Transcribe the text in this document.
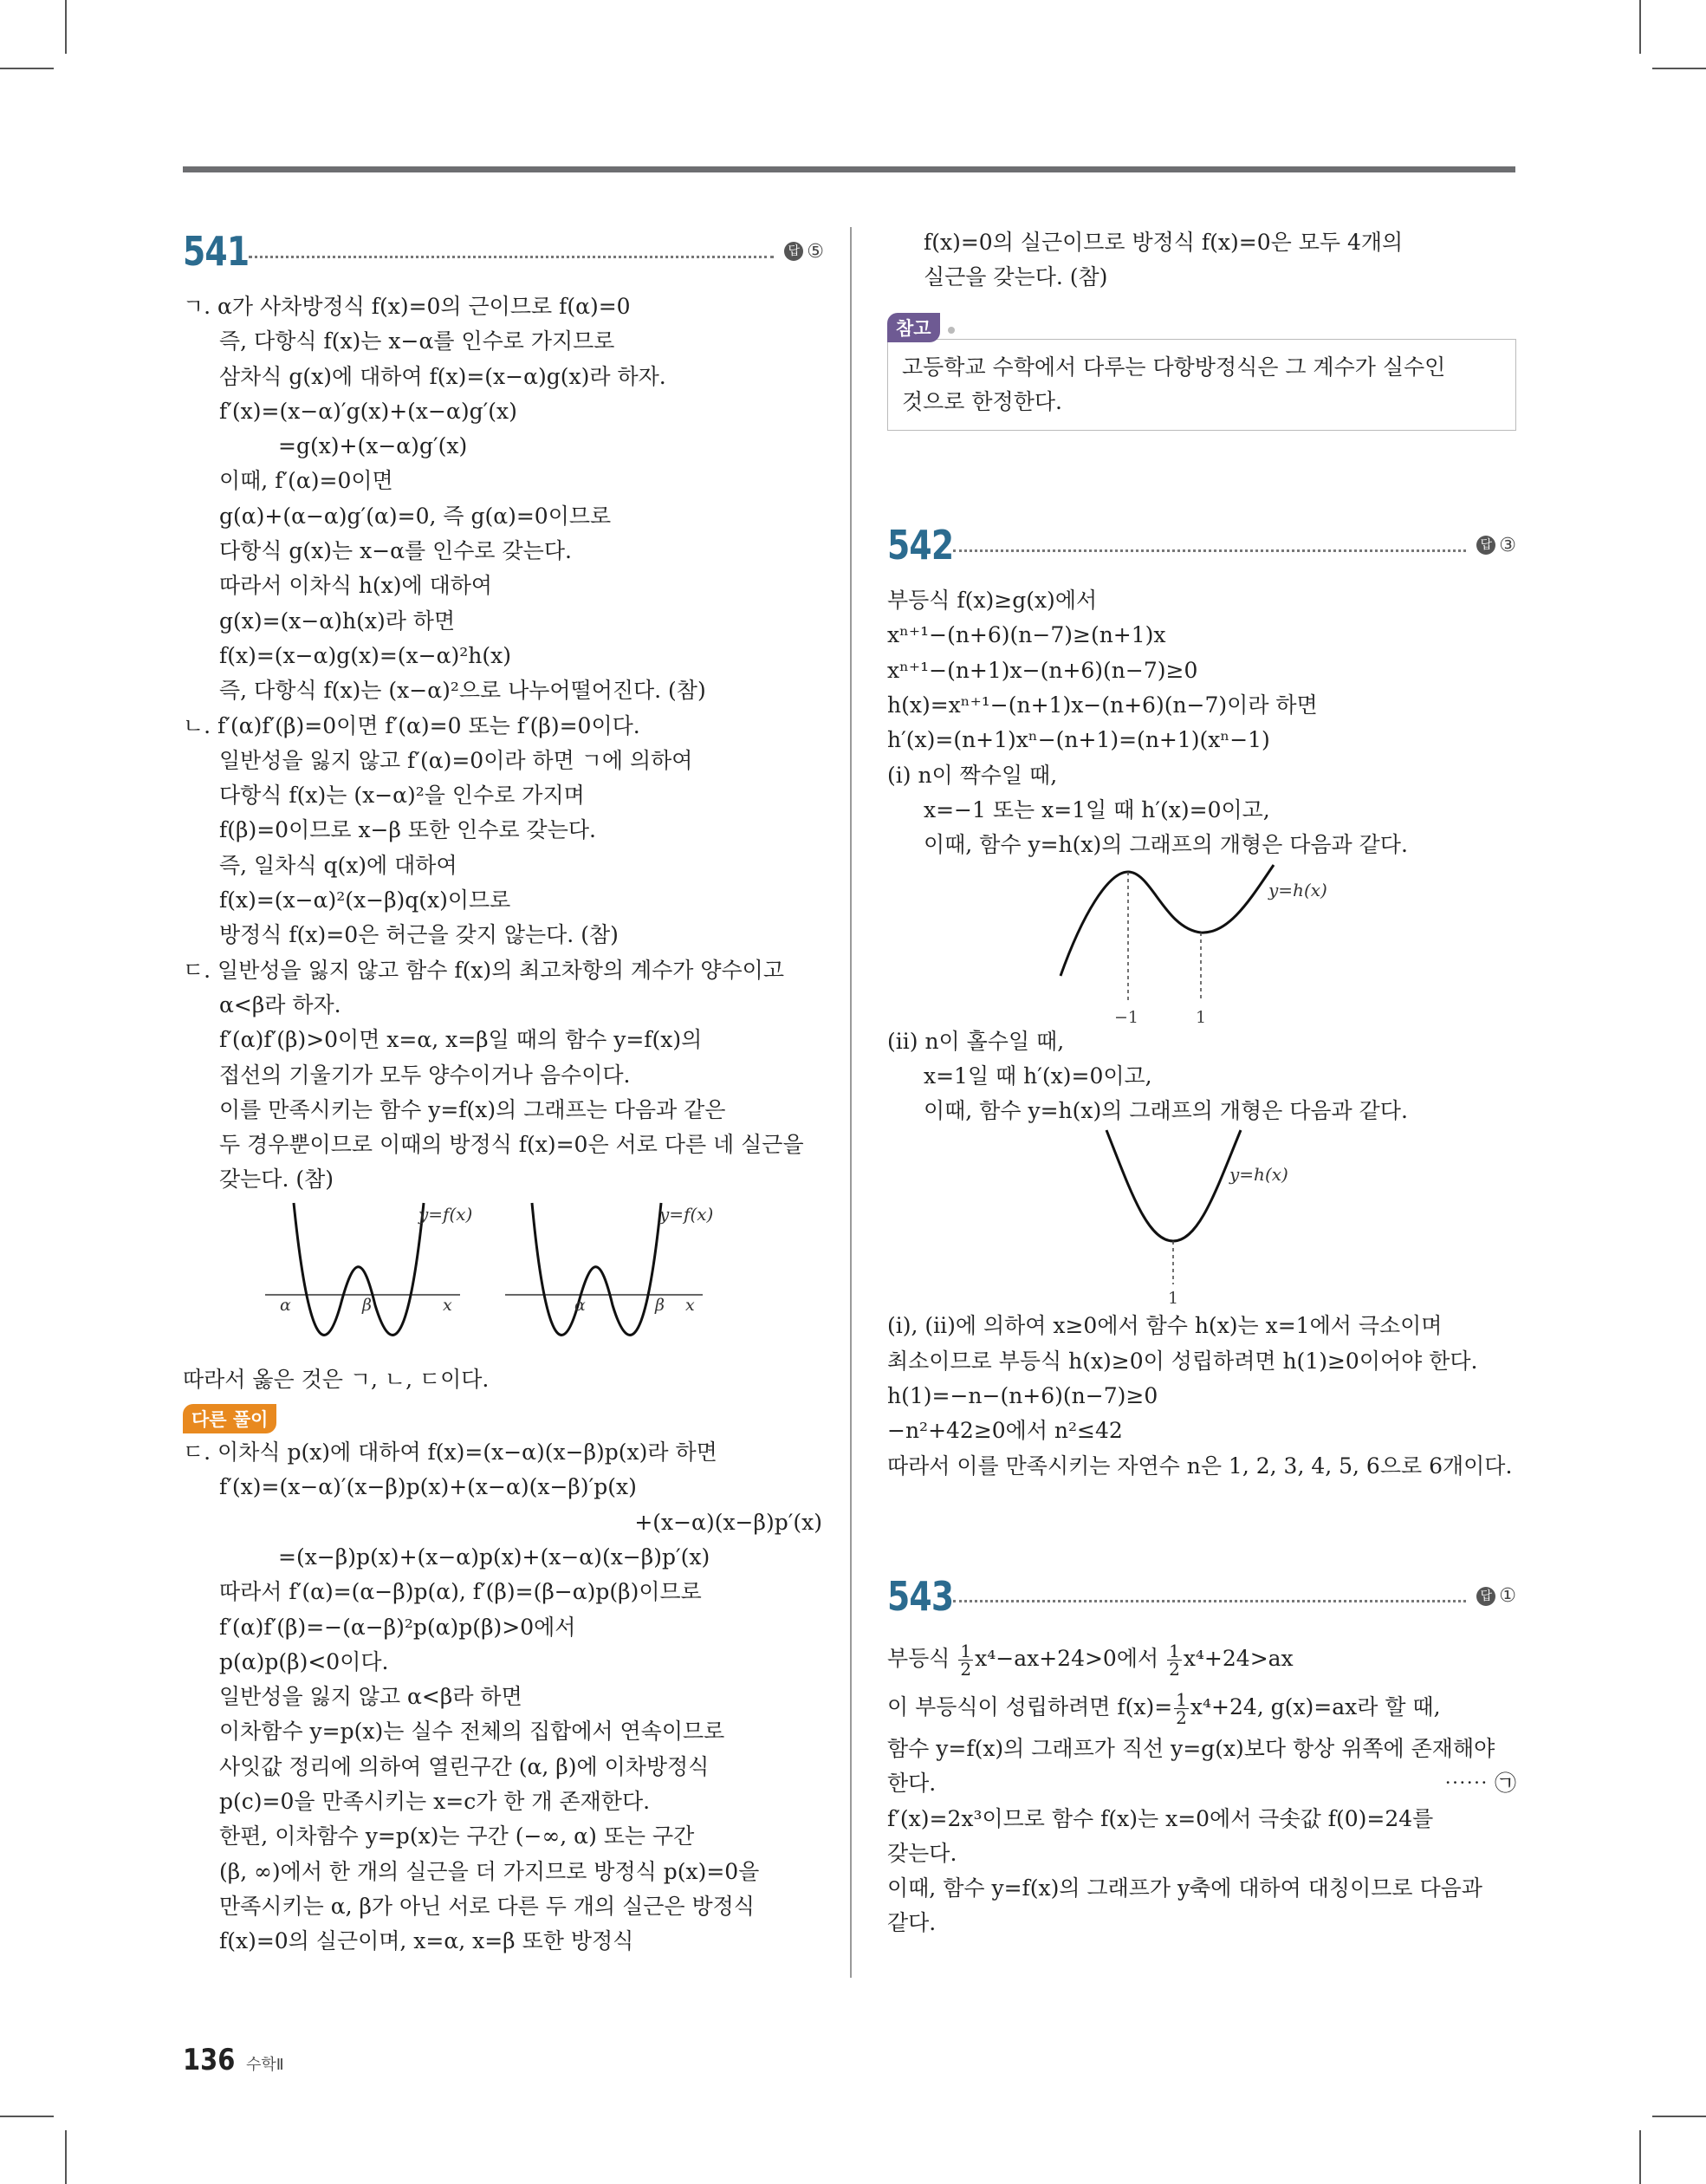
541	답 ⑤
ㄱ. α가 사차방정식 f(x)=0의 근이므로 f(α)=0
즉, 다항식 f(x)는 x−α를 인수로 가지므로
삼차식 g(x)에 대하여 f(x)=(x−α)g(x)라 하자.
f′(x)=(x−α)′g(x)+(x−α)g′(x)
=g(x)+(x−α)g′(x)
이때, f′(α)=0이면
g(α)+(α−α)g′(α)=0, 즉 g(α)=0이므로
다항식 g(x)는 x−α를 인수로 갖는다.
따라서 이차식 h(x)에 대하여
g(x)=(x−α)h(x)라 하면
f(x)=(x−α)g(x)=(x−α)²h(x)
즉, 다항식 f(x)는 (x−α)²으로 나누어떨어진다. (참)
ㄴ. f′(α)f′(β)=0이면 f′(α)=0 또는 f′(β)=0이다.
일반성을 잃지 않고 f′(α)=0이라 하면 ㄱ에 의하여
다항식 f(x)는 (x−α)²을 인수로 가지며
f(β)=0이므로 x−β 또한 인수로 갖는다.
즉, 일차식 q(x)에 대하여
f(x)=(x−α)²(x−β)q(x)이므로
방정식 f(x)=0은 허근을 갖지 않는다. (참)
ㄷ. 일반성을 잃지 않고 함수 f(x)의 최고차항의 계수가 양수이고
α<β라 하자.
f′(α)f′(β)>0이면 x=α, x=β일 때의 함수 y=f(x)의
접선의 기울기가 모두 양수이거나 음수이다.
이를 만족시키는 함수 y=f(x)의 그래프는 다음과 같은
두 경우뿐이므로 이때의 방정식 f(x)=0은 서로 다른 네 실근을
갖는다. (참)
α	β	x
y=f(x)
α	β x
y=f(x)
따라서 옳은 것은 ㄱ, ㄴ, ㄷ이다.
다른 풀이
ㄷ. 이차식 p(x)에 대하여 f(x)=(x−α)(x−β)p(x)라 하면
f′(x)=(x−α)′(x−β)p(x)+(x−α)(x−β)′p(x)
+(x−α)(x−β)p′(x)
=(x−β)p(x)+(x−α)p(x)+(x−α)(x−β)p′(x)
따라서 f′(α)=(α−β)p(α), f′(β)=(β−α)p(β)이므로
f′(α)f′(β)=−(α−β)²p(α)p(β)>0에서
p(α)p(β)<0이다.
일반성을 잃지 않고 α<β라 하면
이차함수 y=p(x)는 실수 전체의 집합에서 연속이므로
사잇값 정리에 의하여 열린구간 (α, β)에 이차방정식
p(c)=0을 만족시키는 x=c가 한 개 존재한다.
한편, 이차함수 y=p(x)는 구간 (−∞, α) 또는 구간
(β, ∞)에서 한 개의 실근을 더 가지므로 방정식 p(x)=0을
만족시키는 α, β가 아닌 서로 다른 두 개의 실근은 방정식
f(x)=0의 실근이며, x=α, x=β 또한 방정식
f(x)=0의 실근이므로 방정식 f(x)=0은 모두 4개의
실근을 갖는다. (참)
참고
고등학교 수학에서 다루는 다항방정식은 그 계수가 실수인
것으로 한정한다.
542	답 ③
부등식 f(x)≥g(x)에서
xⁿ⁺¹−(n+6)(n−7)≥(n+1)x
xⁿ⁺¹−(n+1)x−(n+6)(n−7)≥0
h(x)=xⁿ⁺¹−(n+1)x−(n+6)(n−7)이라 하면
h′(x)=(n+1)xⁿ−(n+1)=(n+1)(xⁿ−1)
(ⅰ) n이 짝수일 때,
x=−1 또는 x=1일 때 h′(x)=0이고,
이때, 함수 y=h(x)의 그래프의 개형은 다음과 같다.
−1	1
y=h(x)
(ⅱ) n이 홀수일 때,
x=1일 때 h′(x)=0이고,
이때, 함수 y=h(x)의 그래프의 개형은 다음과 같다.
1
y=h(x)
(ⅰ), (ⅱ)에 의하여 x≥0에서 함수 h(x)는 x=1에서 극소이며
최소이므로 부등식 h(x)≥0이 성립하려면 h(1)≥0이어야 한다.
h(1)=−n−(n+6)(n−7)≥0
−n²+42≥0에서 n²≤42
따라서 이를 만족시키는 자연수 n은 1, 2, 3, 4, 5, 6으로 6개이다.
543	답 ①
부등식 $\frac{1}{2} x^4-ax+24>0$에서 $\frac{1}{2} x^4+24>ax$
이 부등식이 성립하려면 $f(x)= \frac{1}{2} x^4+24$, g(x)=ax라 할 때,
함수 y=f(x)의 그래프가 직선 y=g(x)보다 항상 위쪽에 존재해야
한다.	⋯⋯ ㉠
f′(x)=2x³이므로 함수 f(x)는 x=0에서 극솟값 f(0)=24를
갖는다.
이때, 함수 y=f(x)의 그래프가 y축에 대하여 대칭이므로 다음과
같다.
136 수학Ⅱ
